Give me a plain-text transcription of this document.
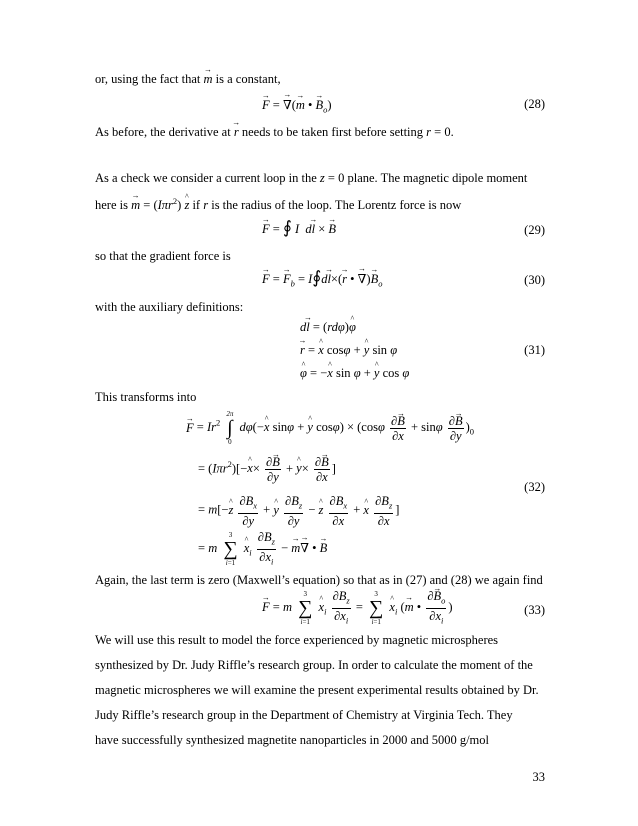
or, using the fact that → m is a constant,
→ F = → ∇(→ m • → $B_o$)	(28)
As before, the derivative at → r needs to be taken first before setting r = 0.
As a check we consider a current loop in the z = 0 plane. The magnetic dipole moment
here is → m = (Iπr$^2$) ^ z if r is the radius of the loop. The Lorentz force is now
→ F = ∮ I d→ l × → B	(29)
so that the gradient force is
→ F = → $F_b$ = I∮d→ l×(→ r • → ∇)→ $B_o$	(30)
with the auxiliary definitions:
d→ l = (rdφ)^ φ
→ r = ^ x cosφ + ^ y sin φ
^ φ = −^ x sin φ + ^ y cos φ
(31)
This transforms into
→ $F = Ir^2$
2π
∫
0
dφ(−^ x sinφ + ^ y $\cos\varphi) \times (\cos\varphi \frac{\partial\to B}{\partial x} + \sin\varphi \frac{\partial\to B}{\partial y} )_0$
= (Iπr$^2$)[−^ $x\times \frac{\partial\to B}{\partial y}$ + ^ $y\times \frac{\partial\to B}{\partial x}$ ]
= m[−^ z $\frac{\partial B_x}{\partial y}$ + ^ y $\frac{\partial B_z}{\partial y}$ − ^ z $\frac{\partial B_x}{\partial x}$ + ^ x $\frac{\partial B_z}{\partial x}$ ]
= m
3
∑
i=1
^ $x_i \frac{\partial B_z}{\partial x_i}$ − → m→ ∇ • → B
(32)
Again, the last term is zero (Maxwell’s equation) so that as in (27) and (28) we again find
→ F = m
3
∑
i=1
^ $x_i \frac{\partial B_z}{\partial x_i}$ =
3
∑
i=1
^ $x_i$ (→ m • $\frac{\partial\to B_o}{\partial x_i}$ )	(33)
We will use this result to model the force experienced by magnetic microspheres
synthesized by Dr. Judy Riffle’s research group. In order to calculate the moment of the
magnetic microspheres we will examine the present experimental results obtained by Dr.
Judy Riffle’s research group in the Department of Chemistry at Virginia Tech. They
have successfully synthesized magnetite nanoparticles in 2000 and 5000 g/mol
33
